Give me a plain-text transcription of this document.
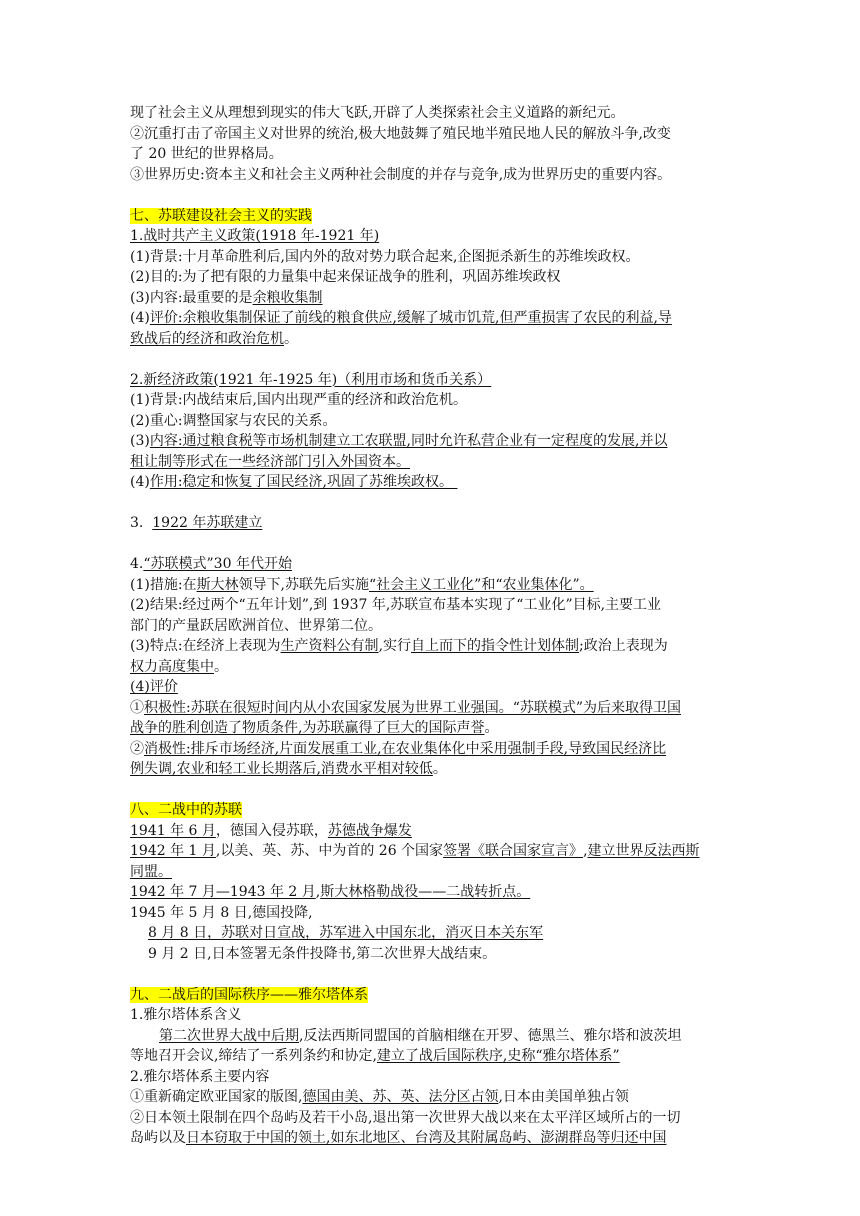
现了社会主义从理想到现实的伟大飞跃,开辟了人类探索社会主义道路的新纪元。
②沉重打击了帝国主义对世界的统治,极大地鼓舞了殖民地半殖民地人民的解放斗争,改变
了 20 世纪的世界格局。
③世界历史:资本主义和社会主义两种社会制度的并存与竞争,成为世界历史的重要内容。
七、苏联建设社会主义的实践
1.战时共产主义政策(1918 年-1921 年)
(1)背景:十月革命胜利后,国内外的敌对势力联合起来,企图扼杀新生的苏维埃政权。
(2)目的:为了把有限的力量集中起来保证战争的胜利，巩固苏维埃政权
(3)内容:最重要的是余粮收集制
(4)评价:余粮收集制保证了前线的粮食供应,缓解了城市饥荒,但严重损害了农民的利益,导
致战后的经济和政治危机。
2.新经济政策(1921 年-1925 年)（利用市场和货币关系）
(1)背景:内战结束后,国内出现严重的经济和政治危机。
(2)重心:调整国家与农民的关系。
(3)内容:通过粮食税等市场机制建立工农联盟,同时允许私营企业有一定程度的发展,并以
租让制等形式在一些经济部门引入外国资本。
(4)作用:稳定和恢复了国民经济,巩固了苏维埃政权。
3.  1922 年苏联建立
4.“苏联模式”30 年代开始
(1)措施:在斯大林领导下,苏联先后实施“社会主义工业化”和“农业集体化”。
(2)结果:经过两个“五年计划”,到 1937 年,苏联宣布基本实现了“工业化”目标,主要工业
部门的产量跃居欧洲首位、世界第二位。
(3)特点:在经济上表现为生产资料公有制,实行自上而下的指令性计划体制;政治上表现为
权力高度集中。
(4)评价
①积极性:苏联在很短时间内从小农国家发展为世界工业强国。“苏联模式”为后来取得卫国
战争的胜利创造了物质条件,为苏联赢得了巨大的国际声誉。
②消极性:排斥市场经济,片面发展重工业,在农业集体化中采用强制手段,导致国民经济比
例失调,农业和轻工业长期落后,消费水平相对较低。
八、二战中的苏联
1941 年 6 月，德国入侵苏联，苏德战争爆发
1942 年 1 月,以美、英、苏、中为首的 26 个国家签署《联合国家宣言》,建立世界反法西斯
同盟。
1942 年 7 月—1943 年 2 月,斯大林格勒战役——二战转折点。
1945 年 5 月 8 日,德国投降,
8 月 8 日，苏联对日宣战，苏军进入中国东北，消灭日本关东军
9 月 2 日,日本签署无条件投降书,第二次世界大战结束。
九、二战后的国际秩序——雅尔塔体系
1.雅尔塔体系含义
第二次世界大战中后期,反法西斯同盟国的首脑相继在开罗、德黑兰、雅尔塔和波茨坦
等地召开会议,缔结了一系列条约和协定,建立了战后国际秩序,史称“雅尔塔体系”
2.雅尔塔体系主要内容
①重新确定欧亚国家的版图,德国由美、苏、英、法分区占领,日本由美国单独占领
②日本领土限制在四个岛屿及若干小岛,退出第一次世界大战以来在太平洋区域所占的一切
岛屿以及日本窃取于中国的领土,如东北地区、台湾及其附属岛屿、澎湖群岛等归还中国
